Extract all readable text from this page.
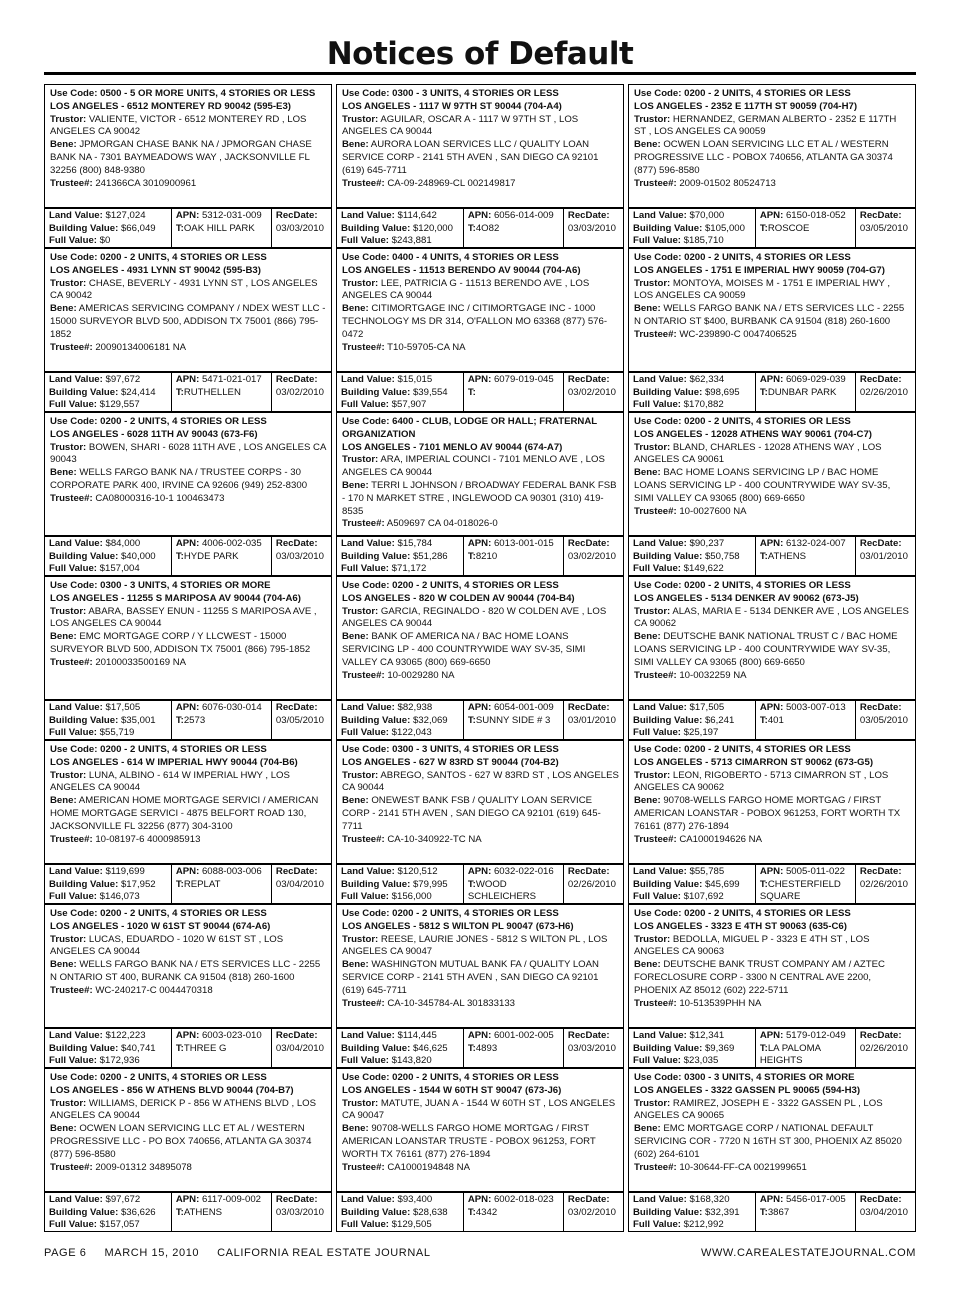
Notices of Default
Use Code: 0500 - 5 OR MORE UNITS, 4 STORIES OR LESS
LOS ANGELES - 6512 MONTEREY RD 90042 (595-E3)
Trustor: VALIENTE, VICTOR - 6512 MONTEREY RD , LOS ANGELES CA 90042
Bene: JPMORGAN CHASE BANK NA / JPMORGAN CHASE BANK NA - 7301 BAYMEADOWS WAY , JACKSONVILLE FL 32256 (800) 848-9380
Trustee#: 241366CA 3010900961
Land Value: $127,024
Building Value: $66,049
Full Value: $0
APN: 5312-031-009
T:OAK HILL PARK
RecDate:
03/03/2010
Use Code: 0300 - 3 UNITS, 4 STORIES OR LESS
LOS ANGELES - 1117 W 97TH ST 90044 (704-A4)
Trustor: AGUILAR, OSCAR A - 1117 W 97TH ST , LOS ANGELES CA 90044
Bene: AURORA LOAN SERVICES LLC / QUALITY LOAN SERVICE CORP - 2141 5TH AVEN , SAN DIEGO CA 92101 (619) 645-7711
Trustee#: CA-09-248969-CL 002149817
Land Value: $114,642
Building Value: $120,000
Full Value: $243,881
APN: 6056-014-009
T:4O82
RecDate:
03/03/2010
Use Code: 0200 - 2 UNITS, 4 STORIES OR LESS
LOS ANGELES - 2352 E 117TH ST 90059 (704-H7)
Trustor: HERNANDEZ, GERMAN ALBERTO - 2352 E 117TH ST , LOS ANGELES CA 90059
Bene: OCWEN LOAN SERVICING LLC ET AL / WESTERN PROGRESSIVE LLC - POBOX 740656, ATLANTA GA 30374 (877) 596-8580
Trustee#: 2009-01502 80524713
Land Value: $70,000
Building Value: $105,000
Full Value: $185,710
APN: 6150-018-052
T:ROSCOE
RecDate:
03/05/2010
Use Code: 0200 - 2 UNITS, 4 STORIES OR LESS
LOS ANGELES - 4931 LYNN ST 90042 (595-B3)
Trustor: CHASE, BEVERLY - 4931 LYNN ST , LOS ANGELES CA 90042
Bene: AMERICAS SERVICING COMPANY / NDEX WEST LLC - 15000 SURVEYOR BLVD 500, ADDISON TX 75001 (866) 795-1852
Trustee#: 20090134006181 NA
Land Value: $97,672
Building Value: $24,414
Full Value: $129,557
APN: 5471-021-017
T:RUTHELLEN
RecDate:
03/02/2010
Use Code: 0400 - 4 UNITS, 4 STORIES OR LESS
LOS ANGELES - 11513 BERENDO AV 90044 (704-A6)
Trustor: LEE, PATRICIA G - 11513 BERENDO AVE , LOS ANGELES CA 90044
Bene: CITIMORTGAGE INC / CITIMORTGAGE INC - 1000 TECHNOLOGY MS DR 314, O'FALLON MO 63368 (877) 576-0472
Trustee#: T10-59705-CA NA
Land Value: $15,015
Building Value: $39,554
Full Value: $57,907
APN: 6079-019-045
T:
RecDate:
03/02/2010
Use Code: 0200 - 2 UNITS, 4 STORIES OR LESS
LOS ANGELES - 1751 E IMPERIAL HWY 90059 (704-G7)
Trustor: MONTOYA, MOISES M - 1751 E IMPERIAL HWY , LOS ANGELES CA 90059
Bene: WELLS FARGO BANK NA / ETS SERVICES LLC - 2255 N ONTARIO ST $400, BURBANK CA 91504 (818) 260-1600
Trustee#: WC-239890-C 0047406525
Land Value: $62,334
Building Value: $98,695
Full Value: $170,882
APN: 6069-029-039
T:DUNBAR PARK
RecDate:
02/26/2010
Use Code: 0200 - 2 UNITS, 4 STORIES OR LESS
LOS ANGELES - 6028 11TH AV 90043 (673-F6)
Trustor: BOWEN, SHARI - 6028 11TH AVE , LOS ANGELES CA 90043
Bene: WELLS FARGO BANK NA / TRUSTEE CORPS - 30 CORPORATE PARK 400, IRVINE CA 92606 (949) 252-8300
Trustee#: CA08000316-10-1 100463473
Land Value: $84,000
Building Value: $40,000
Full Value: $157,004
APN: 4006-002-035
T:HYDE PARK
RecDate:
03/03/2010
Use Code: 6400 - CLUB, LODGE OR HALL; FRATERNAL ORGANIZATION
LOS ANGELES - 7101 MENLO AV 90044 (674-A7)
Trustor: ARA, IMPERIAL COUNCI - 7101 MENLO AVE , LOS ANGELES CA 90044
Bene: TERRI L JOHNSON / BROADWAY FEDERAL BANK FSB - 170 N MARKET STRE , INGLEWOOD CA 90301 (310) 419-8535
Trustee#: A509697 CA 04-018026-0
Land Value: $15,784
Building Value: $51,286
Full Value: $71,172
APN: 6013-001-015
T:8210
RecDate:
03/02/2010
Use Code: 0200 - 2 UNITS, 4 STORIES OR LESS
LOS ANGELES - 12028 ATHENS WAY 90061 (704-C7)
Trustor: BLAND, CHARLES - 12028 ATHENS WAY , LOS ANGELES CA 90061
Bene: BAC HOME LOANS SERVICING LP / BAC HOME LOANS SERVICING LP - 400 COUNTRYWIDE WAY SV-35, SIMI VALLEY CA 93065 (800) 669-6650
Trustee#: 10-0027600 NA
Land Value: $90,237
Building Value: $50,758
Full Value: $149,622
APN: 6132-024-007
T:ATHENS
RecDate:
03/01/2010
Use Code: 0300 - 3 UNITS, 4 STORIES OR MORE
LOS ANGELES - 11255 S MARIPOSA AV 90044 (704-A6)
Trustor: ABARA, BASSEY ENUN - 11255 S MARIPOSA AVE , LOS ANGELES CA 90044
Bene: EMC MORTGAGE CORP / Y LLCWEST - 15000 SURVEYOR BLVD 500, ADDISON TX 75001 (866) 795-1852
Trustee#: 20100033500169 NA
Land Value: $17,505
Building Value: $35,001
Full Value: $55,719
APN: 6076-030-014
T:2573
RecDate:
03/05/2010
Use Code: 0200 - 2 UNITS, 4 STORIES OR LESS
LOS ANGELES - 820 W COLDEN AV 90044 (704-B4)
Trustor: GARCIA, REGINALDO - 820 W COLDEN AVE , LOS ANGELES CA 90044
Bene: BANK OF AMERICA NA / BAC HOME LOANS SERVICING LP - 400 COUNTRYWIDE WAY SV-35, SIMI VALLEY CA 93065 (800) 669-6650
Trustee#: 10-0029280 NA
Land Value: $82,938
Building Value: $32,069
Full Value: $122,043
APN: 6054-001-009
T:SUNNY SIDE # 3
RecDate:
03/01/2010
Use Code: 0200 - 2 UNITS, 4 STORIES OR LESS
LOS ANGELES - 5134 DENKER AV 90062 (673-J5)
Trustor: ALAS, MARIA E - 5134 DENKER AVE , LOS ANGELES CA 90062
Bene: DEUTSCHE BANK NATIONAL TRUST C / BAC HOME LOANS SERVICING LP - 400 COUNTRYWIDE WAY SV-35, SIMI VALLEY CA 93065 (800) 669-6650
Trustee#: 10-0032259 NA
Land Value: $17,505
Building Value: $6,241
Full Value: $25,197
APN: 5003-007-013
T:401
RecDate:
03/05/2010
Use Code: 0200 - 2 UNITS, 4 STORIES OR LESS
LOS ANGELES - 614 W IMPERIAL HWY 90044 (704-B6)
Trustor: LUNA, ALBINO - 614 W IMPERIAL HWY , LOS ANGELES CA 90044
Bene: AMERICAN HOME MORTGAGE SERVICI / AMERICAN HOME MORTGAGE SERVICI - 4875 BELFORT ROAD 130, JACKSONVILLE FL 32256 (877) 304-3100
Trustee#: 10-08197-6 4000985913
Land Value: $119,699
Building Value: $17,952
Full Value: $146,073
APN: 6088-003-006
T:REPLAT
RecDate:
03/04/2010
Use Code: 0300 - 3 UNITS, 4 STORIES OR LESS
LOS ANGELES - 627 W 83RD ST 90044 (704-B2)
Trustor: ABREGO, SANTOS - 627 W 83RD ST , LOS ANGELES CA 90044
Bene: ONEWEST BANK FSB / QUALITY LOAN SERVICE CORP - 2141 5TH AVEN , SAN DIEGO CA 92101 (619) 645-7711
Trustee#: CA-10-340922-TC NA
Land Value: $120,512
Building Value: $79,995
Full Value: $156,000
APN: 6032-022-016
T:WOOD SCHLEICHERS
RecDate:
02/26/2010
Use Code: 0200 - 2 UNITS, 4 STORIES OR LESS
LOS ANGELES - 5713 CIMARRON ST 90062 (673-G5)
Trustor: LEON, RIGOBERTO - 5713 CIMARRON ST , LOS ANGELES CA 90062
Bene: 90708-WELLS FARGO HOME MORTGAG / FIRST AMERICAN LOANSTAR - POBOX 961253, FORT WORTH TX 76161 (877) 276-1894
Trustee#: CA1000194626 NA
Land Value: $55,785
Building Value: $45,699
Full Value: $107,692
APN: 5005-011-022
T:CHESTERFIELD SQUARE
RecDate:
02/26/2010
Use Code: 0200 - 2 UNITS, 4 STORIES OR LESS
LOS ANGELES - 1020 W 61ST ST 90044 (674-A6)
Trustor: LUCAS, EDUARDO - 1020 W 61ST ST , LOS ANGELES CA 90044
Bene: WELLS FARGO BANK NA / ETS SERVICES LLC - 2255 N ONTARIO ST 400, BURANK CA 91504 (818) 260-1600
Trustee#: WC-240217-C 0044470318
Land Value: $122,223
Building Value: $40,741
Full Value: $172,936
APN: 6003-023-010
T:THREE G
RecDate:
03/04/2010
Use Code: 0200 - 2 UNITS, 4 STORIES OR LESS
LOS ANGELES - 5812 S WILTON PL 90047 (673-H6)
Trustor: REESE, LAURIE JONES - 5812 S WILTON PL , LOS ANGELES CA 90047
Bene: WASHINGTON MUTUAL BANK FA / QUALITY LOAN SERVICE CORP - 2141 5TH AVEN , SAN DIEGO CA 92101 (619) 645-7711
Trustee#: CA-10-345784-AL 301833133
Land Value: $114,445
Building Value: $46,625
Full Value: $143,820
APN: 6001-002-005
T:4893
RecDate:
03/03/2010
Use Code: 0200 - 2 UNITS, 4 STORIES OR LESS
LOS ANGELES - 3323 E 4TH ST 90063 (635-C6)
Trustor: BEDOLLA, MIGUEL P - 3323 E 4TH ST , LOS ANGELES CA 90063
Bene: DEUTSCHE BANK TRUST COMPANY AM / AZTEC FORECLOSURE CORP - 3300 N CENTRAL AVE 2200, PHOENIX AZ 85012 (602) 222-5711
Trustee#: 10-513539PHH NA
Land Value: $12,341
Building Value: $9,369
Full Value: $23,035
APN: 5179-012-049
T:LA PALOMA HEIGHTS
RecDate:
02/26/2010
Use Code: 0200 - 2 UNITS, 4 STORIES OR LESS
LOS ANGELES - 856 W ATHENS BLVD 90044 (704-B7)
Trustor: WILLIAMS, DERICK P - 856 W ATHENS BLVD , LOS ANGELES CA 90044
Bene: OCWEN LOAN SERVICING LLC ET AL / WESTERN PROGRESSIVE LLC - PO BOX 740656, ATLANTA GA 30374 (877) 596-8580
Trustee#: 2009-01312 34895078
Land Value: $97,672
Building Value: $36,626
Full Value: $157,057
APN: 6117-009-002
T:ATHENS
RecDate:
03/03/2010
Use Code: 0200 - 2 UNITS, 4 STORIES OR LESS
LOS ANGELES - 1544 W 60TH ST 90047 (673-J6)
Trustor: MATUTE, JUAN A - 1544 W 60TH ST , LOS ANGELES CA 90047
Bene: 90708-WELLS FARGO HOME MORTGAG / FIRST AMERICAN LOANSTAR TRUSTE - POBOX 961253, FORT WORTH TX 76161 (877) 276-1894
Trustee#: CA1000194848 NA
Land Value: $93,400
Building Value: $28,638
Full Value: $129,505
APN: 6002-018-023
T:4342
RecDate:
03/02/2010
Use Code: 0300 - 3 UNITS, 4 STORIES OR MORE
LOS ANGELES - 3322 GASSEN PL 90065 (594-H3)
Trustor: RAMIREZ, JOSEPH E - 3322 GASSEN PL , LOS ANGELES CA 90065
Bene: EMC MORTGAGE CORP / NATIONAL DEFAULT SERVICING COR - 7720 N 16TH ST 300, PHOENIX AZ 85020 (602) 264-6101
Trustee#: 10-30644-FF-CA 0021999651
Land Value: $168,320
Building Value: $32,391
Full Value: $212,992
APN: 5456-017-005
T:3867
RecDate:
03/04/2010
PAGE 6 MARCH 15, 2010 CALIFORNIA REAL ESTATE JOURNAL	WWW.CAREALESTATEJOURNAL.COM
